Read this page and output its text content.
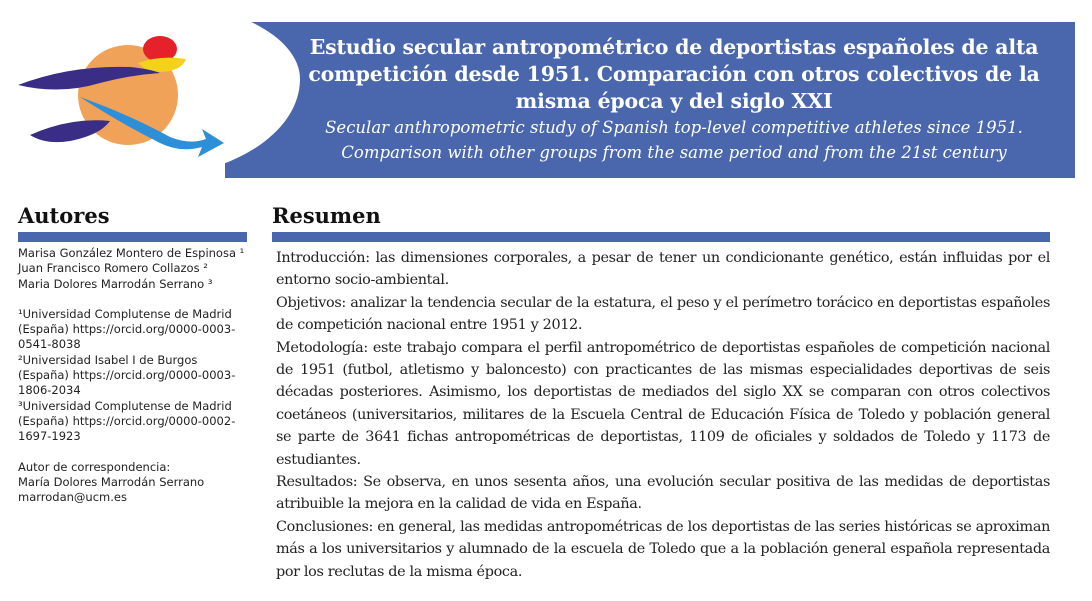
Estudio secular antropométrico de deportistas españoles de alta competición desde 1951. Comparación con otros colectivos de la misma época y del siglo XXI

Secular anthropometric study of Spanish top-level competitive athletes since 1951. Comparison with other groups from the same period and from the 21st century

Autores
Marisa González Montero de Espinosa ¹
Juan Francisco Romero Collazos ²
Maria Dolores Marrodán Serrano ³
¹Universidad Complutense de Madrid (España) https://orcid.org/0000-0003-0541-8038
²Universidad Isabel I de Burgos (España) https://orcid.org/0000-0003-1806-2034
³Universidad Complutense de Madrid (España) https://orcid.org/0000-0002-1697-1923
Autor de correspondencia:
María Dolores Marrodán Serrano
marrodan@ucm.es
Resumen

Introducción: las dimensiones corporales, a pesar de tener un condicionante genético, están influidas por el entorno socio-ambiental.

Objetivos: analizar la tendencia secular de la estatura, el peso y el perímetro torácico en deportistas españoles de competición nacional entre 1951 y 2012.

Metodología: este trabajo compara el perfil antropométrico de deportistas españoles de competición nacional de 1951 (futbol, atletismo y baloncesto) con practicantes de las mismas especialidades deportivas de seis décadas posteriores. Asimismo, los deportistas de mediados del siglo XX se comparan con otros colectivos coetáneos (universitarios, militares de la Escuela Central de Educación Física de Toledo y población general se parte de 3641 fichas antropométricas de deportistas, 1109 de oficiales y soldados de Toledo y 1173 de estudiantes.

Resultados: Se observa, en unos sesenta años, una evolución secular positiva de las medidas de deportistas atribuible la mejora en la calidad de vida en España.

Conclusiones: en general, las medidas antropométricas de los deportistas de las series históricas se aproximan más a los universitarios y alumnado de la escuela de Toledo que a la población general española representada por los reclutas de la misma época.
